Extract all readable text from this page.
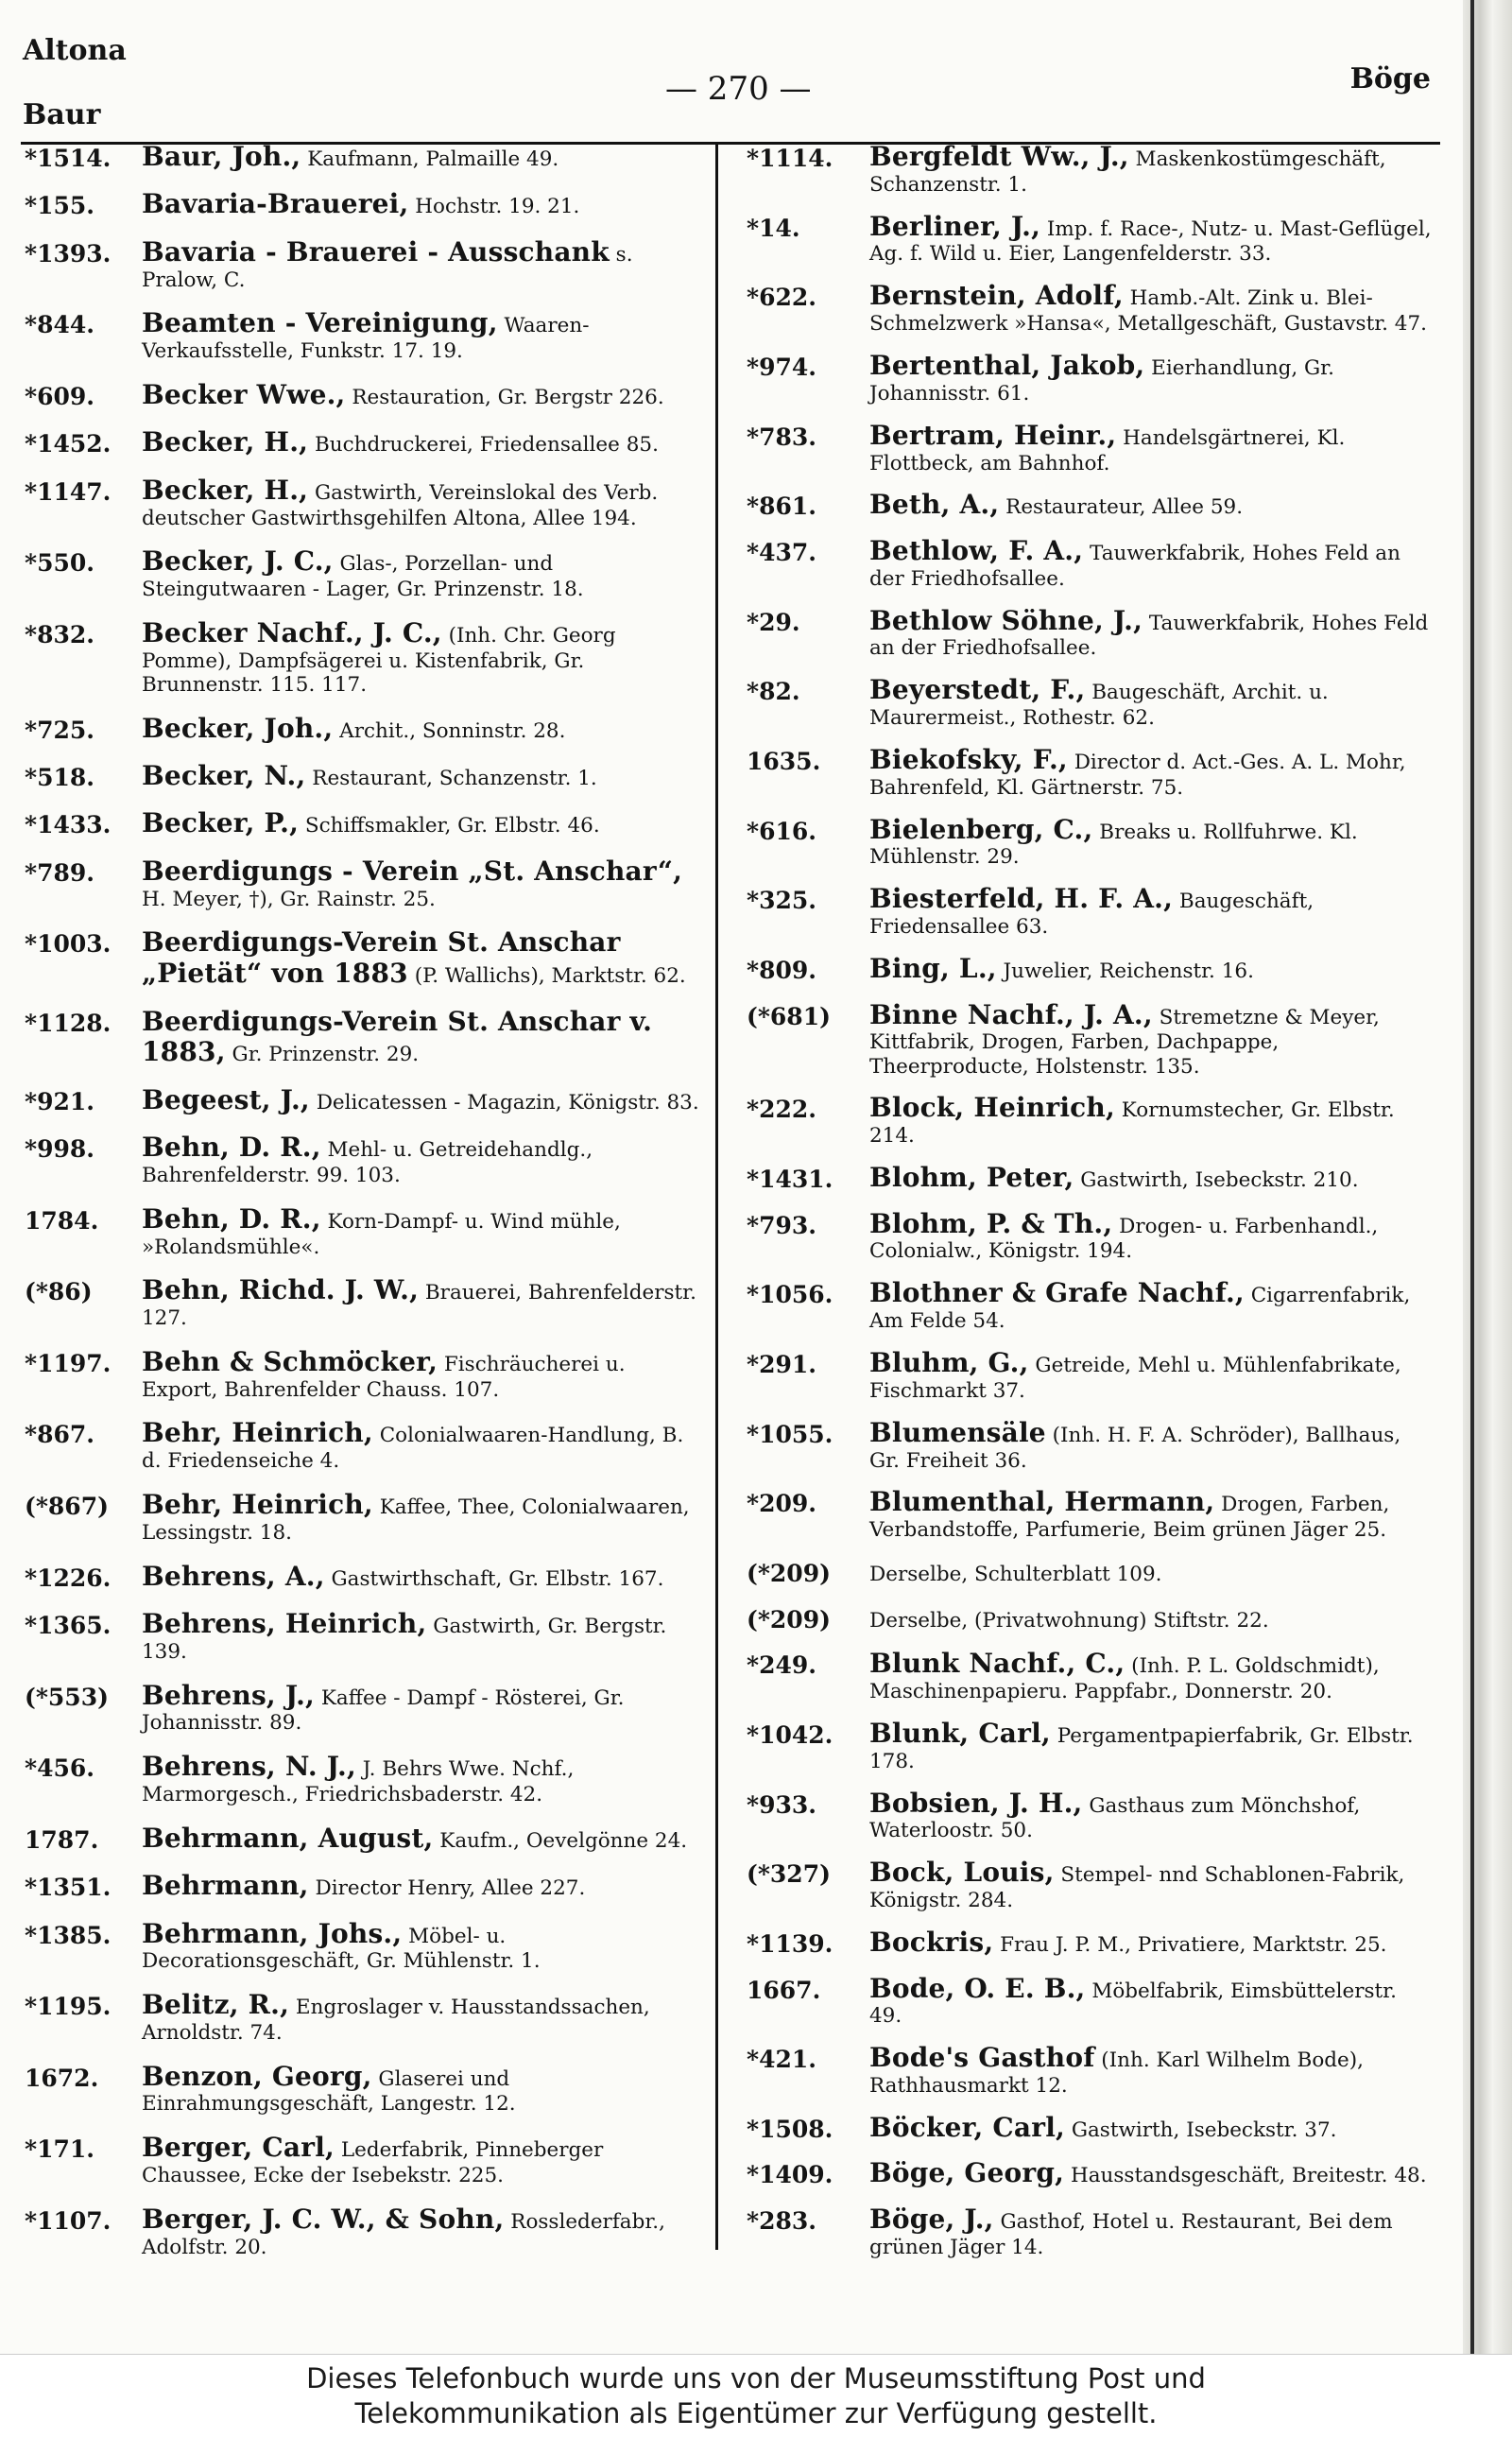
Altona
— 270 —
Baur
Böge
*1514.	Baur, Joh., Kaufmann, Palmaille 49.
*155.	Bavaria-Brauerei, Hochstr. 19. 21.
*1393.	Bavaria - Brauerei - Ausschank s. Pralow, C.
*844.	Beamten - Vereinigung, Waaren-Verkaufsstelle, Funkstr. 17. 19.
*609.	Becker Wwe., Restauration, Gr. Bergstr 226.
*1452.	Becker, H., Buchdruckerei, Friedensallee 85.
*1147.	Becker, H., Gastwirth, Vereinslokal des Verb. deutscher Gastwirthsgehilfen Altona, Allee 194.
*550.	Becker, J. C., Glas-, Porzellan- und Steingutwaaren - Lager, Gr. Prinzenstr. 18.
*832.	Becker Nachf., J. C., (Inh. Chr. Georg Pomme), Dampfsägerei u. Kistenfabrik, Gr. Brunnenstr. 115. 117.
*725.	Becker, Joh., Archit., Sonninstr. 28.
*518.	Becker, N., Restaurant, Schanzenstr. 1.
*1433.	Becker, P., Schiffsmakler, Gr. Elbstr. 46.
*789.	Beerdigungs - Verein „St. Anschar“, H. Meyer, †), Gr. Rainstr. 25.
*1003.	Beerdigungs-Verein St. Anschar „Pietät“ von 1883 (P. Wallichs), Marktstr. 62.
*1128.	Beerdigungs-Verein St. Anschar v. 1883, Gr. Prinzenstr. 29.
*921.	Begeest, J., Delicatessen - Magazin, Königstr. 83.
*998.	Behn, D. R., Mehl- u. Getreidehandlg., Bahrenfelderstr. 99. 103.
1784.	Behn, D. R., Korn-Dampf- u. Wind mühle, »Rolandsmühle«.
(*86)	Behn, Richd. J. W., Brauerei, Bahrenfelderstr. 127.
*1197.	Behn & Schmöcker, Fischräucherei u. Export, Bahrenfelder Chauss. 107.
*867.	Behr, Heinrich, Colonialwaaren-Handlung, B. d. Friedenseiche 4.
(*867)	Behr, Heinrich, Kaffee, Thee, Colonialwaaren, Lessingstr. 18.
*1226.	Behrens, A., Gastwirthschaft, Gr. Elbstr. 167.
*1365.	Behrens, Heinrich, Gastwirth, Gr. Bergstr. 139.
(*553)	Behrens, J., Kaffee - Dampf - Rösterei, Gr. Johannisstr. 89.
*456.	Behrens, N. J., J. Behrs Wwe. Nchf., Marmorgesch., Friedrichsbaderstr. 42.
1787.	Behrmann, August, Kaufm., Oevelgönne 24.
*1351.	Behrmann, Director Henry, Allee 227.
*1385.	Behrmann, Johs., Möbel- u. Decorationsgeschäft, Gr. Mühlenstr. 1.
*1195.	Belitz, R., Engroslager v. Hausstandssachen, Arnoldstr. 74.
1672.	Benzon, Georg, Glaserei und Einrahmungsgeschäft, Langestr. 12.
*171.	Berger, Carl, Lederfabrik, Pinneberger Chaussee, Ecke der Isebekstr. 225.
*1107.	Berger, J. C. W., & Sohn, Rosslederfabr., Adolfstr. 20.
*1114.	Bergfeldt Ww., J., Maskenkostümgeschäft, Schanzenstr. 1.
*14.	Berliner, J., Imp. f. Race-, Nutz- u. Mast-Geflügel, Ag. f. Wild u. Eier, Langenfelderstr. 33.
*622.	Bernstein, Adolf, Hamb.-Alt. Zink u. Blei-Schmelzwerk »Hansa«, Metallgeschäft, Gustavstr. 47.
*974.	Bertenthal, Jakob, Eierhandlung, Gr. Johannisstr. 61.
*783.	Bertram, Heinr., Handelsgärtnerei, Kl. Flottbeck, am Bahnhof.
*861.	Beth, A., Restaurateur, Allee 59.
*437.	Bethlow, F. A., Tauwerkfabrik, Hohes Feld an der Friedhofsallee.
*29.	Bethlow Söhne, J., Tauwerkfabrik, Hohes Feld an der Friedhofsallee.
*82.	Beyerstedt, F., Baugeschäft, Archit. u. Maurermeist., Rothestr. 62.
1635.	Biekofsky, F., Director d. Act.-Ges. A. L. Mohr, Bahrenfeld, Kl. Gärtnerstr. 75.
*616.	Bielenberg, C., Breaks u. Rollfuhrwe. Kl. Mühlenstr. 29.
*325.	Biesterfeld, H. F. A., Baugeschäft, Friedensallee 63.
*809.	Bing, L., Juwelier, Reichenstr. 16.
(*681)	Binne Nachf., J. A., Stremetzne & Meyer, Kittfabrik, Drogen, Farben, Dachpappe, Theerproducte, Holstenstr. 135.
*222.	Block, Heinrich, Kornumstecher, Gr. Elbstr. 214.
*1431.	Blohm, Peter, Gastwirth, Isebeckstr. 210.
*793.	Blohm, P. & Th., Drogen- u. Farbenhandl., Colonialw., Königstr. 194.
*1056.	Blothner & Grafe Nachf., Cigarrenfabrik, Am Felde 54.
*291.	Bluhm, G., Getreide, Mehl u. Mühlenfabrikate, Fischmarkt 37.
*1055.	Blumensäle (Inh. H. F. A. Schröder), Ballhaus, Gr. Freiheit 36.
*209.	Blumenthal, Hermann, Drogen, Farben, Verbandstoffe, Parfumerie, Beim grünen Jäger 25.
(*209)	Derselbe, Schulterblatt 109.
(*209)	Derselbe, (Privatwohnung) Stiftstr. 22.
*249.	Blunk Nachf., C., (Inh. P. L. Goldschmidt), Maschinenpapieru. Pappfabr., Donnerstr. 20.
*1042.	Blunk, Carl, Pergamentpapierfabrik, Gr. Elbstr. 178.
*933.	Bobsien, J. H., Gasthaus zum Mönchshof, Waterloostr. 50.
(*327)	Bock, Louis, Stempel- nnd Schablonen-Fabrik, Königstr. 284.
*1139.	Bockris, Frau J. P. M., Privatiere, Marktstr. 25.
1667.	Bode, O. E. B., Möbelfabrik, Eimsbüttelerstr. 49.
*421.	Bode's Gasthof (Inh. Karl Wilhelm Bode), Rathhausmarkt 12.
*1508.	Böcker, Carl, Gastwirth, Isebeckstr. 37.
*1409.	Böge, Georg, Hausstandsgeschäft, Breitestr. 48.
*283.	Böge, J., Gasthof, Hotel u. Restaurant, Bei dem grünen Jäger 14.
Dieses Telefonbuch wurde uns von der Museumsstiftung Post und
Telekommunikation als Eigentümer zur Verfügung gestellt.
